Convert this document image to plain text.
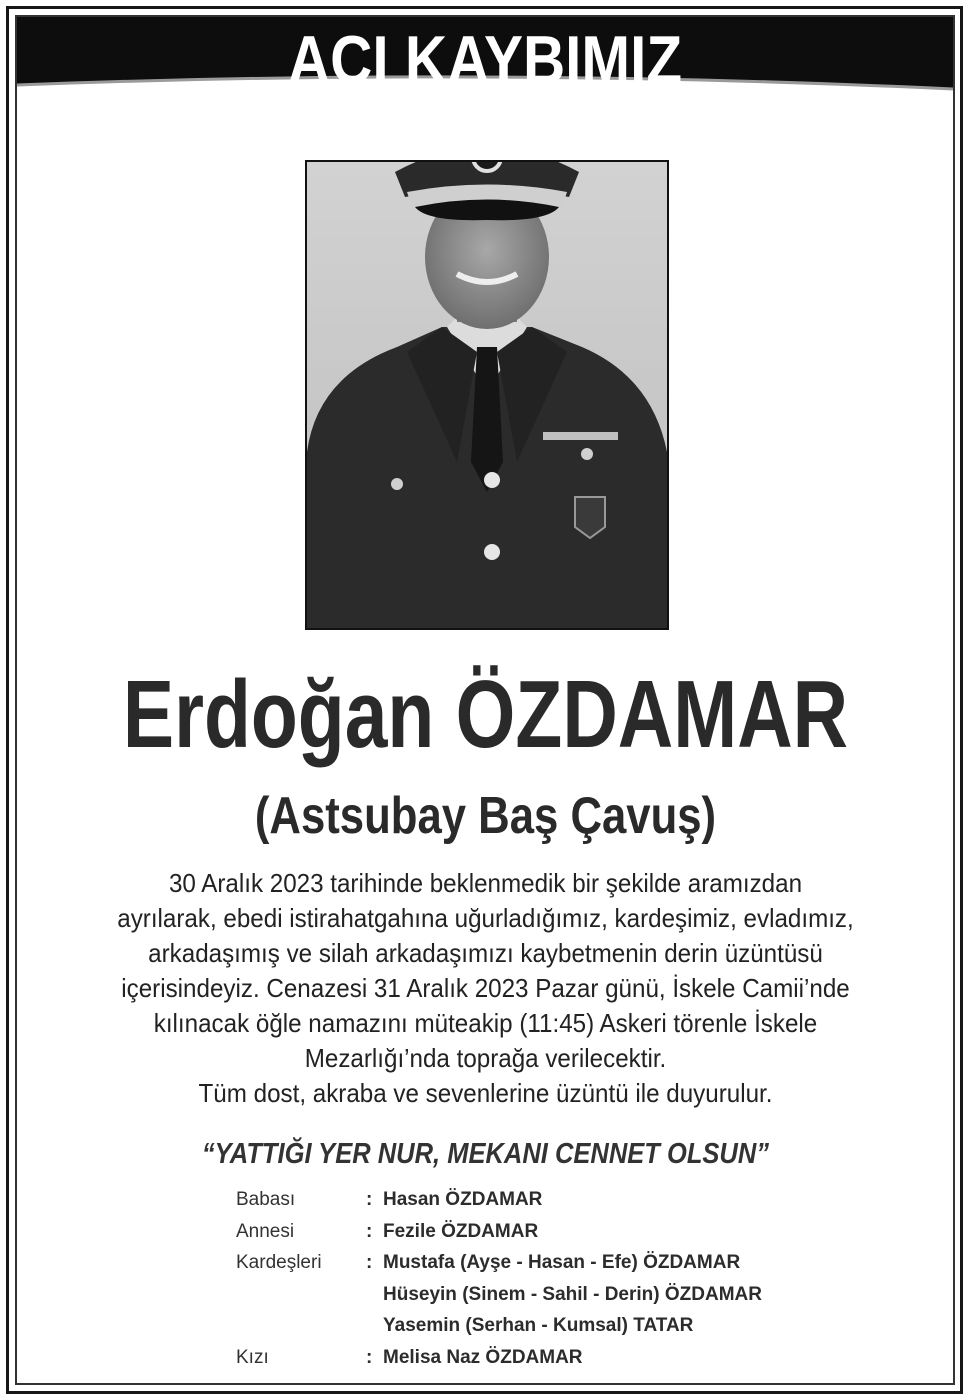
ACI KAYBIMIZ
Erdoğan ÖZDAMAR
(Astsubay Baş Çavuş)
30 Aralık 2023 tarihinde beklenmedik bir şekilde aramızdan
ayrılarak, ebedi istirahatgahına uğurladığımız, kardeşimiz, evladımız,
arkadaşımış ve silah arkadaşımızı kaybetmenin derin üzüntüsü
içerisindeyiz. Cenazesi 31 Aralık 2023 Pazar günü, İskele Camii’nde
kılınacak öğle namazını müteakip (11:45) Askeri törenle İskele
Mezarlığı’nda toprağa verilecektir.
Tüm dost, akraba ve sevenlerine üzüntü ile duyurulur.
“YATTIĞI YER NUR, MEKANI CENNET OLSUN”
Babası	: Hasan ÖZDAMAR
Annesi	: Fezile ÖZDAMAR
Kardeşleri : Mustafa (Ayşe - Hasan - Efe) ÖZDAMAR
Hüseyin (Sinem - Sahil - Derin) ÖZDAMAR
Yasemin (Serhan - Kumsal) TATAR
Kızı	: Melisa Naz ÖZDAMAR
